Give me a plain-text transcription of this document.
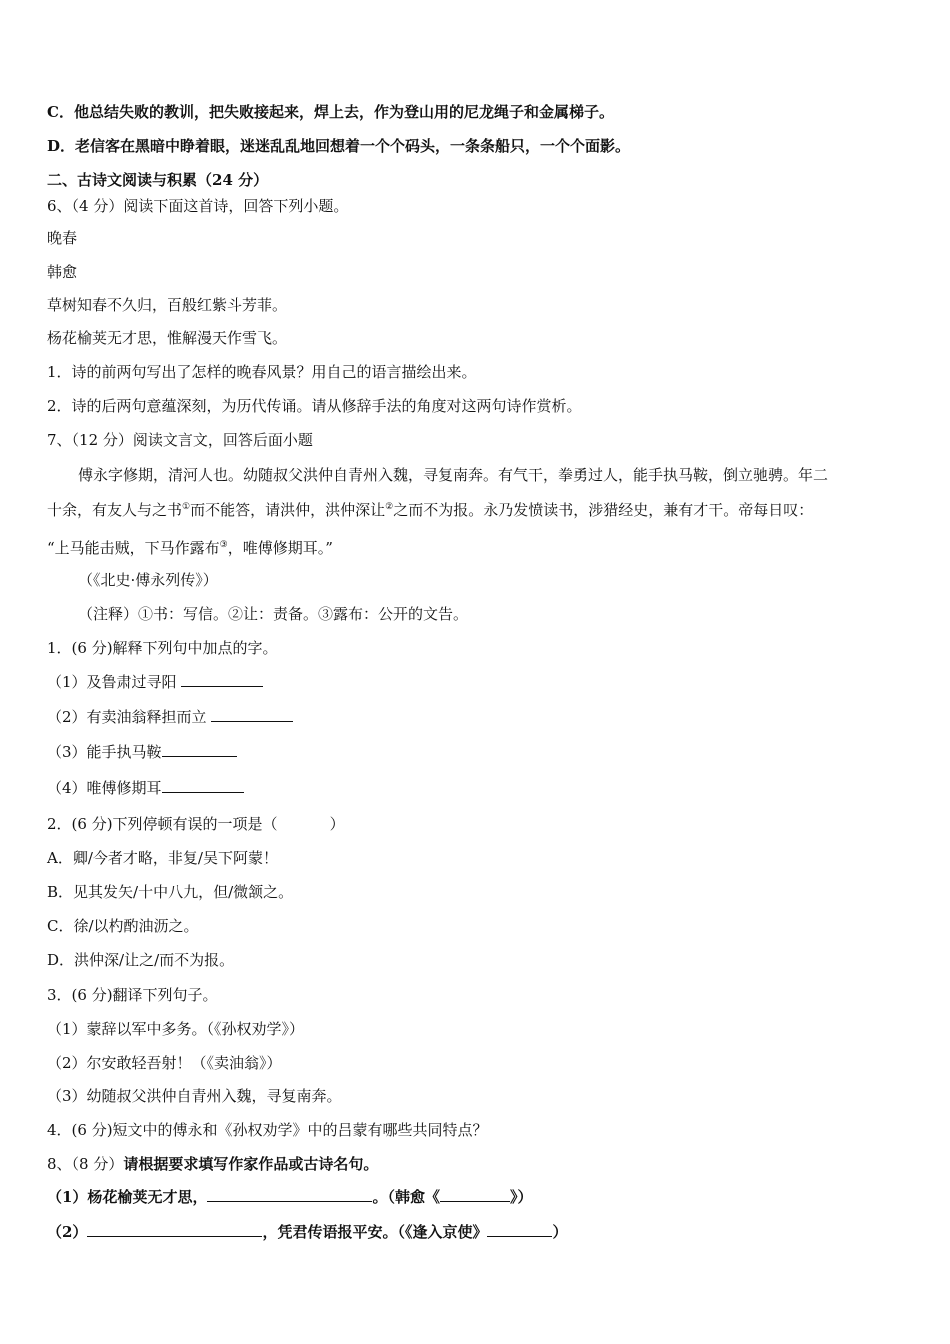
C．他总结失败的教训，把失败接起来，焊上去，作为登山用的尼龙绳子和金属梯子。
D．老信客在黑暗中睁着眼，迷迷乱乱地回想着一个个码头，一条条船只，一个个面影。
二、古诗文阅读与积累（24 分）
6、（4 分）阅读下面这首诗，回答下列小题。
晚春
韩愈
草树知春不久归，百般红紫斗芳菲。
杨花榆荚无才思，惟解漫天作雪飞。
1．诗的前两句写出了怎样的晚春风景？用自己的语言描绘出来。
2．诗的后两句意蕴深刻，为历代传诵。请从修辞手法的角度对这两句诗作赏析。
7、（12 分）阅读文言文，回答后面小题
傅永字修期，清河人也。幼随叔父洪仲自青州入魏，寻复南奔。有气干，拳勇过人，能手执马鞍，倒立驰骋。年二
十余，有友人与之书①而不能答，请洪仲，洪仲深让②之而不为报。永乃发愤读书，涉猎经史，兼有才干。帝每日叹：
“上马能击贼，下马作露布③，唯傅修期耳。”
（《北史·傅永列传》）
（注释）①书：写信。②让：责备。③露布：公开的文告。
1．(6 分)解释下列句中加点的字。
（1）及鲁肃过寻阳
（2）有卖油翁释担而立
（3）能手执马鞍
（4）唯傅修期耳
2．(6 分)下列停顿有误的一项是（	）
A．卿/今者才略，非复/吴下阿蒙！
B．见其发矢/十中八九，但/微颔之。
C．徐/以杓酌油沥之。
D．洪仲深/让之/而不为报。
3．(6 分)翻译下列句子。
（1）蒙辞以军中多务。（《孙权劝学》）
（2）尔安敢轻吾射！（《卖油翁》）
（3）幼随叔父洪仲自青州入魏，寻复南奔。
4．(6 分)短文中的傅永和《孙权劝学》中的吕蒙有哪些共同特点？
8、（8 分）请根据要求填写作家作品或古诗名句。
（1）杨花榆荚无才思，	。（韩愈《	》）
（2）	，凭君传语报平安。（《逢入京使》	）
